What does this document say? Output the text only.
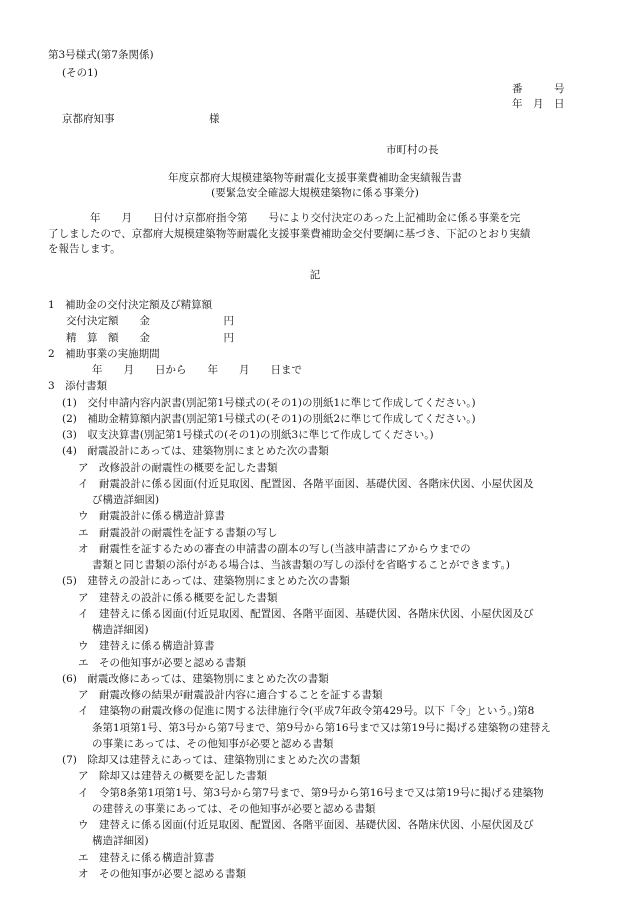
第3号様式(第7条関係)
(その1)
番　　　号
年　月　日
京都府知事　　　　　　　　　様
市町村の長
年度京都府大規模建築物等耐震化支援事業費補助金実績報告書
(要緊急安全確認大規模建築物に係る事業分)
　　　　年　　月　　日付け京都府指令第　　号により交付決定のあった上記補助金に係る事業を完
了しましたので、京都府大規模建築物等耐震化支援事業費補助金交付要綱に基づき、下記のとおり実績
を報告します。
記
1　補助金の交付決定額及び精算額
交付決定額　　金　　　　　　　円
精　算　額　　金　　　　　　　円
2　補助事業の実施期間
年　　月　　日から　　年　　月　　日まで
3　添付書類
(1)　交付申請内容内訳書(別記第1号様式の(その1)の別紙1に準じて作成してください。)
(2)　補助金精算額内訳書(別記第1号様式の(その1)の別紙2に準じて作成してください。)
(3)　収支決算書(別記第1号様式の(その1)の別紙3に準じて作成してください。)
(4)　耐震設計にあっては、建築物別にまとめた次の書類
ア　改修設計の耐震性の概要を記した書類
イ　耐震設計に係る図面(付近見取図、配置図、各階平面図、基礎伏図、各階床伏図、小屋伏図及
び構造詳細図)
ウ　耐震設計に係る構造計算書
エ　耐震設計の耐震性を証する書類の写し
オ　耐震性を証するための審査の申請書の副本の写し(当該申請書にアからウまでの
書類と同じ書類の添付がある場合は、当該書類の写しの添付を省略することができます。)
(5)　建替えの設計にあっては、建築物別にまとめた次の書類
ア　建替えの設計に係る概要を記した書類
イ　建替えに係る図面(付近見取図、配置図、各階平面図、基礎伏図、各階床伏図、小屋伏図及び
構造詳細図)
ウ　建替えに係る構造計算書
エ　その他知事が必要と認める書類
(6)　耐震改修にあっては、建築物別にまとめた次の書類
ア　耐震改修の結果が耐震設計内容に適合することを証する書類
イ　建築物の耐震改修の促進に関する法律施行令(平成7年政令第429号。以下「令」という。)第8
条第1項第1号、第3号から第7号まで、第9号から第16号まで又は第19号に掲げる建築物の建替え
の事業にあっては、その他知事が必要と認める書類
(7)　除却又は建替えにあっては、建築物別にまとめた次の書類
ア　除却又は建替えの概要を記した書類
イ　令第8条第1項第1号、第3号から第7号まで、第9号から第16号まで又は第19号に掲げる建築物
の建替えの事業にあっては、その他知事が必要と認める書類
ウ　建替えに係る図面(付近見取図、配置図、各階平面図、基礎伏図、各階床伏図、小屋伏図及び
構造詳細図)
エ　建替えに係る構造計算書
オ　その他知事が必要と認める書類
